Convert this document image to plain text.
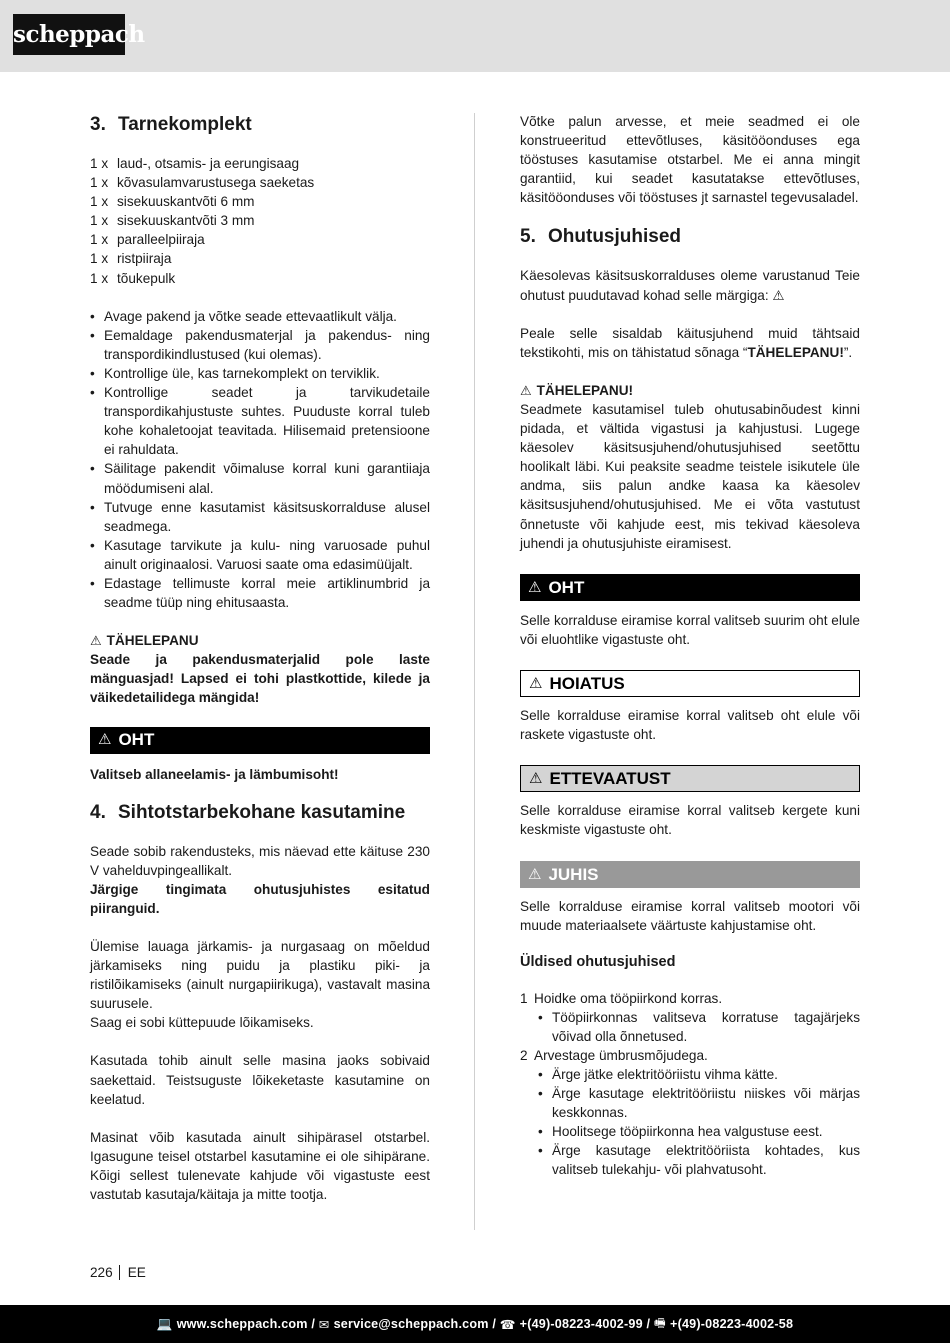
scheppach
3. Tarnekomplekt
1 x laud-, otsamis- ja eerungisaag
1 x kõvasulamvarustusega saeketas
1 x sisekuuskantvõti 6 mm
1 x sisekuuskantvõti 3 mm
1 x paralleelpiiraja
1 x ristpiiraja
1 x tõukepulk
• Avage pakend ja võtke seade ettevaatlikult välja.
• Eemaldage pakendusmaterjal ja pakendus- ning transpordikindlustused (kui olemas).
• Kontrollige üle, kas tarnekomplekt on terviklik.
• Kontrollige seadet ja tarvikudetaile transpordikahjustuste suhtes. Puuduste korral tuleb kohe kohaletoojat teavitada. Hilisemaid pretensioone ei rahuldata.
• Säilitage pakendit võimaluse korral kuni garantiiaja möödumiseni alal.
• Tutvuge enne kasutamist käsitsuskorralduse alusel seadmega.
• Kasutage tarvikute ja kulu- ning varuosade puhul ainult originaalosi. Varuosi saate oma edasimüüjalt.
• Edastage tellimuste korral meie artiklinumbrid ja seadme tüüp ning ehitusaasta.
⚠ TÄHELEPANU

Seade ja pakendusmaterjalid pole laste mänguasjad! Lapsed ei tohi plastkottide, kilede ja väikedetailidega mängida!

⚠ OHT

Valitseb allaneelamis- ja lämbumisoht!

4. Sihtotstarbekohane kasutamine

Seade sobib rakendusteks, mis näevad ette käituse 230 V vahelduvpingeallikalt.

Järgige tingimata ohutusjuhistes esitatud piiranguid.

Ülemise lauaga järkamis- ja nurgasaag on mõeldud järkamiseks ning puidu ja plastiku piki- ja ristilõikamiseks (ainult nurgapiirikuga), vastavalt masina suurusele.

Saag ei sobi küttepuude lõikamiseks.

Kasutada tohib ainult selle masina jaoks sobivaid saekettaid. Teistsuguste lõikeketaste kasutamine on keelatud.

Masinat võib kasutada ainult sihipärasel otstarbel. Igasugune teisel otstarbel kasutamine ei ole sihipärane. Kõigi sellest tulenevate kahjude või vigastuste eest vastutab kasutaja/käitaja ja mitte tootja.

Võtke palun arvesse, et meie seadmed ei ole konstrueeritud ettevõtluses, käsitööonduses ega tööstuses kasutamise otstarbel. Me ei anna mingit garantiid, kui seadet kasutatakse ettevõtluses, käsitööonduses või tööstuses jt sarnastel tegevusaladel.

5. Ohutusjuhised

Käesolevas käsitsuskorralduses oleme varustanud Teie ohutust puudutavad kohad selle märgiga: ⚠

Peale selle sisaldab käitusjuhend muid tähtsaid tekstikohti, mis on tähistatud sõnaga “TÄHELEPANU!”.

⚠ TÄHELEPANU!

Seadmete kasutamisel tuleb ohutusabinõudest kinni pidada, et vältida vigastusi ja kahjustusi. Lugege käesolev käsitsusjuhend/ohutusjuhised seetõttu hoolikalt läbi. Kui peaksite seadme teistele isikutele üle andma, siis palun andke kaasa ka käesolev käsitsusjuhend/ohutusjuhised. Me ei võta vastutust õnnetuste või kahjude eest, mis tekivad käesoleva juhendi ja ohutusjuhiste eiramisest.

⚠ OHT

Selle korralduse eiramise korral valitseb suurim oht elule või eluohtlike vigastuste oht.

⚠ HOIATUS

Selle korralduse eiramise korral valitseb oht elule või raskete vigastuste oht.

⚠ ETTEVAATUST

Selle korralduse eiramise korral valitseb kergete kuni keskmiste vigastuste oht.

⚠ JUHIS

Selle korralduse eiramise korral valitseb mootori või muude materiaalsete väärtuste kahjustamise oht.

Üldised ohutusjuhised
1 Hoidke oma tööpiirkond korras.
• Tööpiirkonnas valitseva korratuse tagajärjeks võivad olla õnnetused.
2 Arvestage ümbrusmõjudega.
• Ärge jätke elektritööriistu vihma kätte.
• Ärge kasutage elektritööriistu niiskes või märjas keskkonnas.
• Hoolitsege tööpiirkonna hea valgustuse eest.
• Ärge kasutage elektritööriista kohtades, kus valitseb tulekahju- või plahvatusoht.
226 EE
💻 www.scheppach.com /
✉ service@scheppach.com /
☎ +(49)-08223-4002-99 /
🖷 +(49)-08223-4002-58
